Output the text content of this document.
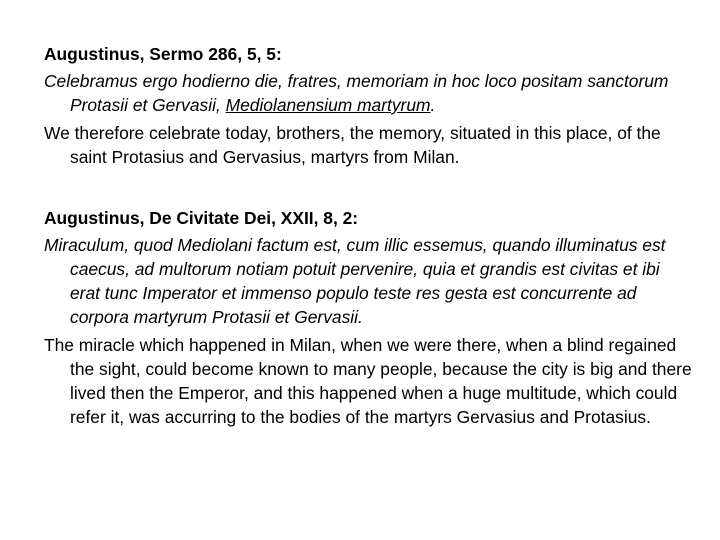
Augustinus, Sermo 286, 5, 5:
Celebramus ergo hodierno die, fratres, memoriam in hoc loco positam sanctorum Protasii et Gervasii, Mediolanensium martyrum.
We therefore celebrate today, brothers, the memory, situated in this place, of the saint Protasius and Gervasius, martyrs from Milan.
Augustinus, De Civitate Dei, XXII, 8, 2:
Miraculum, quod Mediolani factum est, cum illic essemus, quando illuminatus est caecus, ad multorum notiam potuit pervenire, quia et grandis est civitas et ibi erat tunc Imperator et immenso populo teste res gesta est concurrente ad corpora martyrum Protasii et Gervasii.
The miracle which happened in Milan, when we were there, when a blind regained the sight, could become known to many people, because the city is big and there lived then the Emperor, and this happened when a huge multitude, which could refer it, was accurring to the bodies of the martyrs Gervasius and Protasius.
